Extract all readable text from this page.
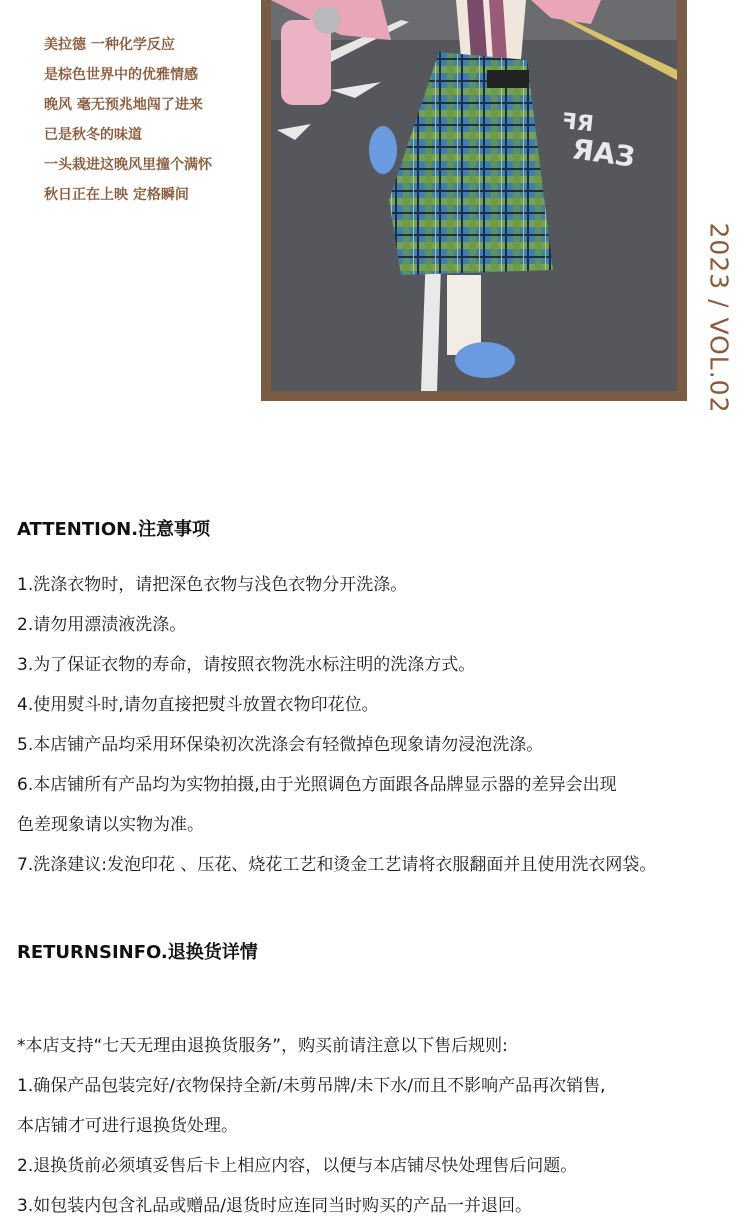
美拉德 一种化学反应
是棕色世界中的优雅情感
晚风 毫无预兆地闯了进来
已是秋冬的味道
一头栽进这晚风里撞个满怀
秋日正在上映 定格瞬间
ЯAЗ
ꟻЯ
2023 / VOL.02
ATTENTION.注意事项
1.洗涤衣物时，请把深色衣物与浅色衣物分开洗涤。
2.请勿用漂渍液洗涤。
3.为了保证衣物的寿命，请按照衣物洗水标注明的洗涤方式。
4.使用熨斗时,请勿直接把熨斗放置衣物印花位。
5.本店铺产品均采用环保染初次洗涤会有轻微掉色现象请勿浸泡洗涤。
6.本店铺所有产品均为实物拍摄,由于光照调色方面跟各品牌显示器的差异会出现
色差现象请以实物为准。
7.洗涤建议:发泡印花 、压花、烧花工艺和烫金工艺请将衣服翻面并且使用洗衣网袋。
RETURNSINFO.退换货详情
*本店支持“七天无理由退换货服务”，购买前请注意以下售后规则:
1.确保产品包装完好/衣物保持全新/未剪吊牌/未下水/而且不影响产品再次销售,
本店铺才可进行退换货处理。
2.退换货前必须填妥售后卡上相应内容，以便与本店铺尽快处理售后问题。
3.如包装内包含礼品或赠品/退货时应连同当时购买的产品一并退回。
